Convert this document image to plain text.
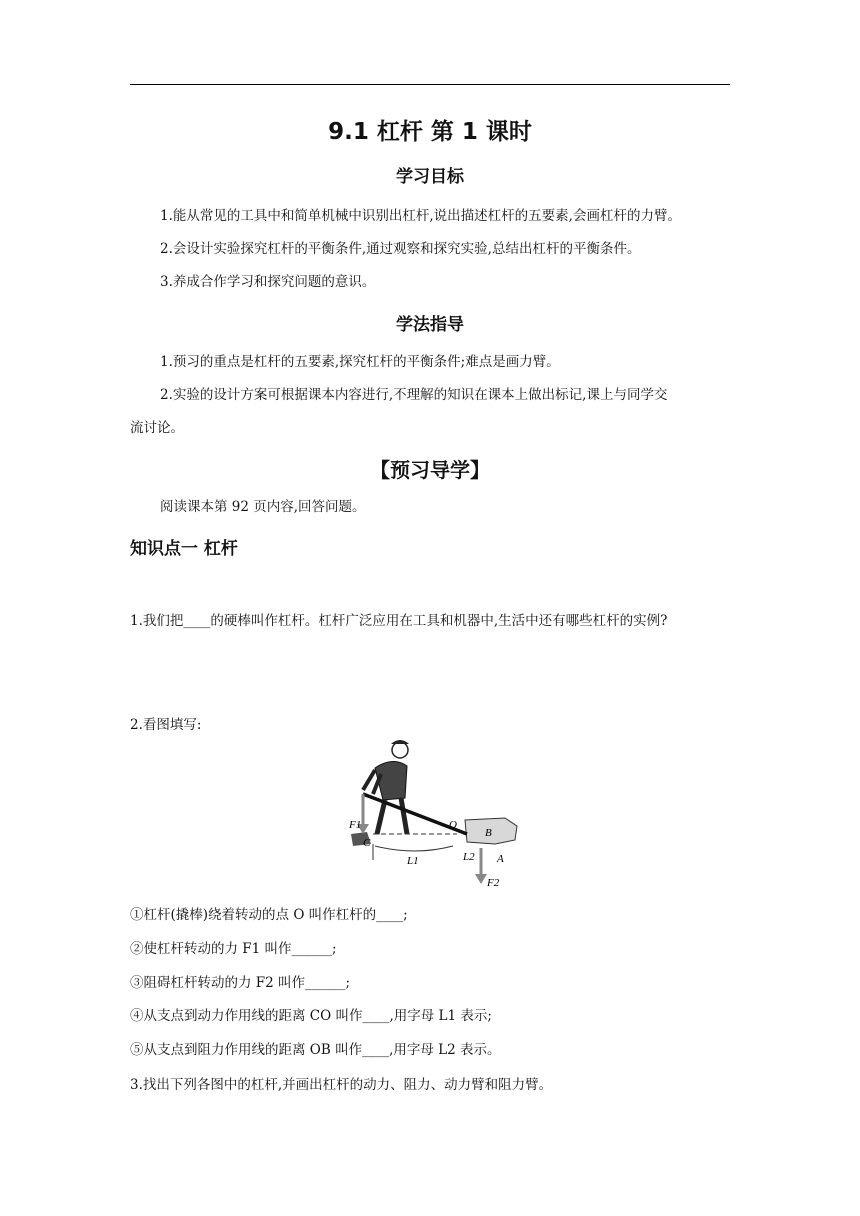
9.1 杠杆 第 1 课时
学习目标
1.能从常见的工具中和简单机械中识别出杠杆,说出描述杠杆的五要素,会画杠杆的力臂。
2.会设计实验探究杠杆的平衡条件,通过观察和探究实验,总结出杠杆的平衡条件。
3.养成合作学习和探究问题的意识。
学法指导
1.预习的重点是杠杆的五要素,探究杠杆的平衡条件;难点是画力臂。
2.实验的设计方案可根据课本内容进行,不理解的知识在课本上做出标记,课上与同学交
流讨论。
【预习导学】
阅读课本第 92 页内容,回答问题。
知识点一 杠杆
1.我们把____的硬棒叫作杠杆。杠杆广泛应用在工具和机器中,生活中还有哪些杠杆的实例?
2.看图填写:
F1
C
O
B
L1	L2 A
F2
①杠杆(撬棒)绕着转动的点 O 叫作杠杆的____;
②使杠杆转动的力 F1 叫作______;
③阻碍杠杆转动的力 F2 叫作______;
④从支点到动力作用线的距离 CO 叫作____,用字母 L1 表示;
⑤从支点到阻力作用线的距离 OB 叫作____,用字母 L2 表示。
3.找出下列各图中的杠杆,并画出杠杆的动力、阻力、动力臂和阻力臂。
